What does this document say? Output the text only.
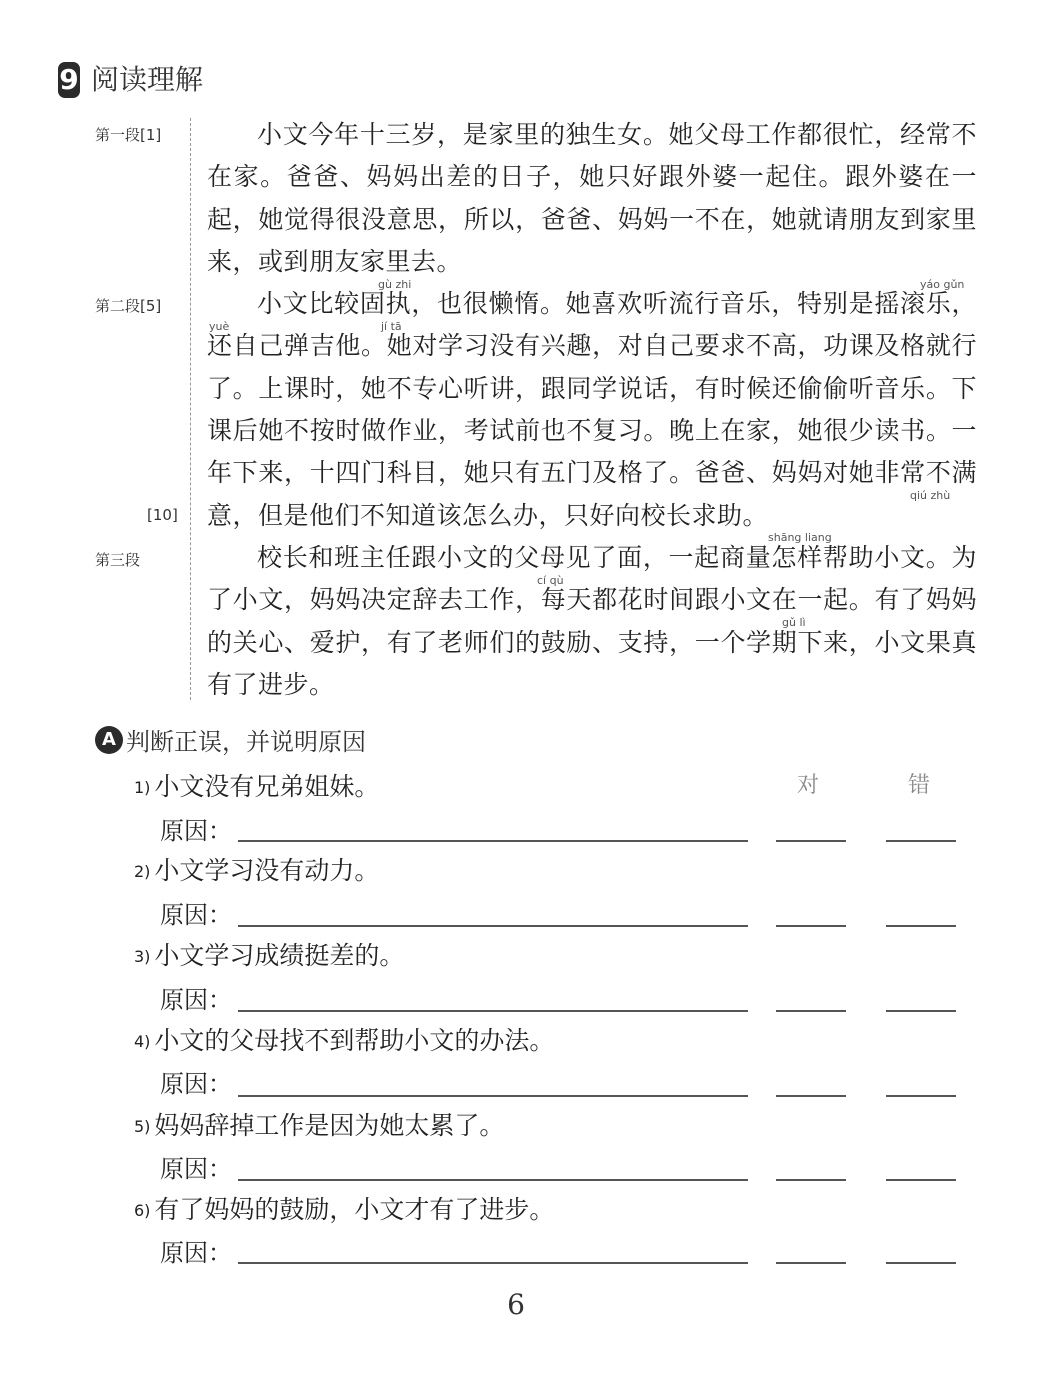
9 阅读理解
第一段[1]
第二段[5]
[10]
第三段
gù zhi	yáo gǔn
yuè	jí tā
qiú zhù
shāng liang
cí qù
gǔ lì

小文今年十三岁，是家里的独生女。她父母工作都很忙，经常不在家。爸爸、妈妈出差的日子，她只好跟外婆一起住。跟外婆在一起，她觉得很没意思，所以，爸爸、妈妈一不在，她就请朋友到家里来，或到朋友家里去。

小文比较固执，也很懒惰。她喜欢听流行音乐，特别是摇滚乐，还自己弹吉他。她对学习没有兴趣，对自己要求不高，功课及格就行了。上课时，她不专心听讲，跟同学说话，有时候还偷偷听音乐。下课后她不按时做作业，考试前也不复习。晚上在家，她很少读书。一年下来，十四门科目，她只有五门及格了。爸爸、妈妈对她非常不满意，但是他们不知道该怎么办，只好向校长求助。

校长和班主任跟小文的父母见了面，一起商量怎样帮助小文。为了小文，妈妈决定辞去工作，每天都花时间跟小文在一起。有了妈妈的关心、爱护，有了老师们的鼓励、支持，一个学期下来，小文果真有了进步。

A 判断正误，并说明原因
对	错
1) 小文没有兄弟姐妹。
原因：
2) 小文学习没有动力。
原因：
3) 小文学习成绩挺差的。
原因：
4) 小文的父母找不到帮助小文的办法。
原因：
5) 妈妈辞掉工作是因为她太累了。
原因：
6) 有了妈妈的鼓励，小文才有了进步。
原因：
6
